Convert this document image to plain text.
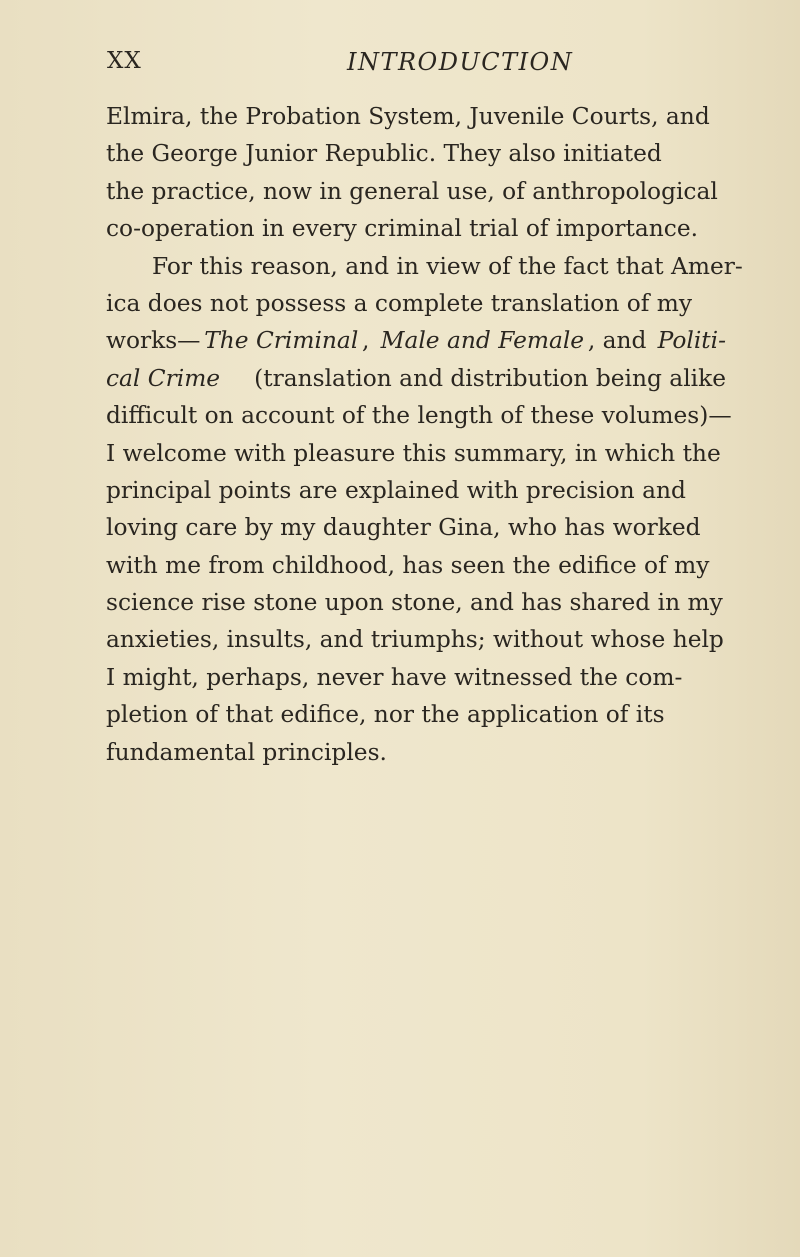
XX	INTRODUCTION
Elmira, the Probation System, Juvenile Courts, and
the George Junior Republic. They also initiated
the practice, now in general use, of anthropological
co-operation in every criminal trial of importance.
For this reason, and in view of the fact that Amer-
ica does not possess a complete translation of my
works— The Criminal , Male and Female , and Politi-
cal Crime (translation and distribution being alike
difficult on account of the length of these volumes)—
I welcome with pleasure this summary, in which the
principal points are explained with precision and
loving care by my daughter Gina, who has worked
with me from childhood, has seen the edifice of my
science rise stone upon stone, and has shared in my
anxieties, insults, and triumphs; without whose help
I might, perhaps, never have witnessed the com-
pletion of that edifice, nor the application of its
fundamental principles.
